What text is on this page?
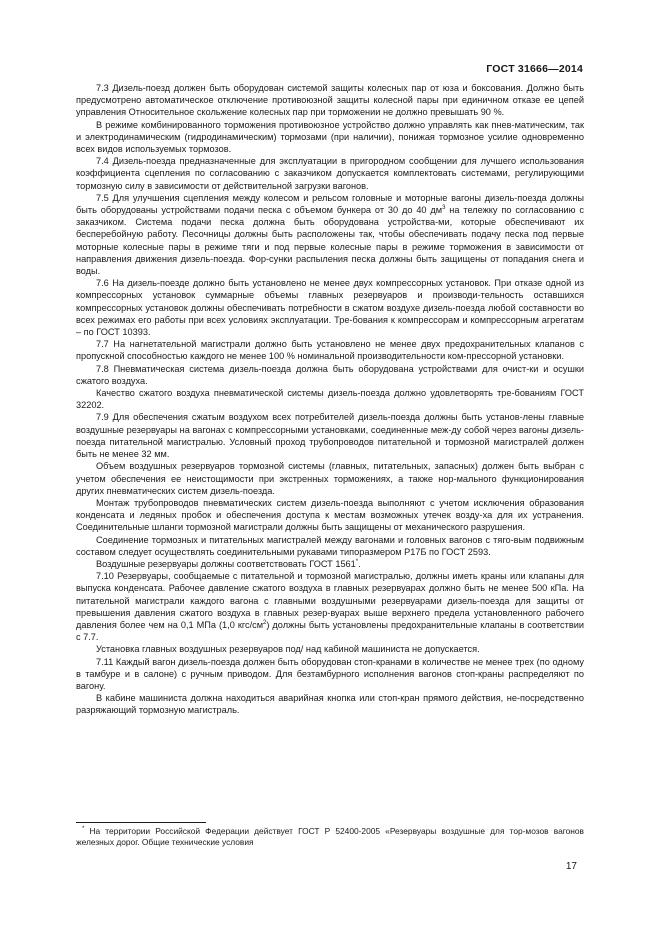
ГОСТ 31666—2014

7.3 Дизель-поезд должен быть оборудован системой защиты колесных пар от юза и боксования. Должно быть предусмотрено автоматическое отключение противоюзной защиты колесной пары при единичном отказе ее цепей управления Относительное скольжение колесных пар при торможении не должно превышать 90 %.

В режиме комбинированного торможения противоюзное устройство должно управлять как пнев-матическим, так и электродинамическим (гидродинамическим) тормозами (при наличии), понижая тормозное усилие одновременно всех видов используемых тормозов.

7.4 Дизель-поезда предназначенные для эксплуатации в пригородном сообщении для лучшего использования коэффициента сцепления по согласованию с заказчиком допускается комплектовать системами, регулирующими тормозную силу в зависимости от действительной загрузки вагонов.

7.5 Для улучшения сцепления между колесом и рельсом головные и моторные вагоны дизель-поезда должны быть оборудованы устройствами подачи песка с объемом бункера от 30 до 40 $дм^3$ на тележку по согласованию с заказчиком. Система подачи песка должна быть оборудована устройства-ми, которые обеспечивают их бесперебойную работу. Песочницы должны быть расположены так, чтобы обеспечивать подачу песка под первые моторные колесные пары в режиме тяги и под первые колесные пары в режиме торможения в зависимости от направления движения дизель-поезда. Фор-сунки распыления песка должны быть защищены от попадания снега и воды.

7.6 На дизель-поезде должно быть установлено не менее двух компрессорных установок. При отказе одной из компрессорных установок суммарные объемы главных резервуаров и производи-тельность оставшихся компрессорных установок должны обеспечивать потребности в сжатом воздухе дизель-поезда любой составности во всех режимах его работы при всех условиях эксплуатации. Тре-бования к компрессорам и компрессорным агрегатам – по ГОСТ 10393.

7.7 На нагнетательной магистрали должно быть установлено не менее двух предохранительных клапанов с пропускной способностью каждого не менее 100 % номинальной производительности ком-прессорной установки.

7.8 Пневматическая система дизель-поезда должна быть оборудована устройствами для очист-ки и осушки сжатого воздуха.

Качество сжатого воздуха пневматической системы дизель-поезда должно удовлетворять тре-бованиям ГОСТ 32202.

7.9 Для обеспечения сжатым воздухом всех потребителей дизель-поезда должны быть установ-лены главные воздушные резервуары на вагонах с компрессорными установками, соединенные меж-ду собой через вагоны дизель-поезда питательной магистралью. Условный проход трубопроводов питательной и тормозной магистралей должен быть не менее 32 мм.

Объем воздушных резервуаров тормозной системы (главных, питательных, запасных) должен быть выбран с учетом обеспечения ее неистощимости при экстренных торможениях, а также нор-мального функционирования других пневматических систем дизель-поезда.

Монтаж трубопроводов пневматических систем дизель-поезда выполняют с учетом исключения образования конденсата и ледяных пробок и обеспечения доступа к местам возможных утечек возду-ха для их устранения. Соединительные шланги тормозной магистрали должны быть защищены от механического разрушения.

Соединение тормозных и питательных магистралей между вагонами и головных вагонов с тяго-вым подвижным составом следует осуществлять соединительными рукавами типоразмером Р17Б по ГОСТ 2593.

Воздушные резервуары должны соответствовать ГОСТ 1561*.

7.10 Резервуары, сообщаемые с питательной и тормозной магистралью, должны иметь краны или клапаны для выпуска конденсата. Рабочее давление сжатого воздуха в главных резервуарах должно быть не менее 500 кПа. На питательной магистрали каждого вагона с главными воздушными резервуарами дизель-поезда для защиты от превышения давления сжатого воздуха в главных резер-вуарах выше верхнего предела установленного рабочего давления более чем на 0,1 МПа (1,0 кгс/$см^2$) должны быть установлены предохранительные клапаны в соответствии с 7.7.

Установка главных воздушных резервуаров под/ над кабиной машиниста не допускается.

7.11 Каждый вагон дизель-поезда должен быть оборудован стоп-кранами в количестве не менее трех (по одному в тамбуре и в салоне) с ручным приводом. Для безтамбурного исполнения вагонов стоп-краны распределяют по вагону.

В кабине машиниста должна находиться аварийная кнопка или стоп-кран прямого действия, не-посредственно разряжающий тормозную магистраль.

* На территории Российской Федерации действует ГОСТ Р 52400-2005 «Резервуары воздушные для тор-мозов вагонов железных дорог. Общие технические условия

17
